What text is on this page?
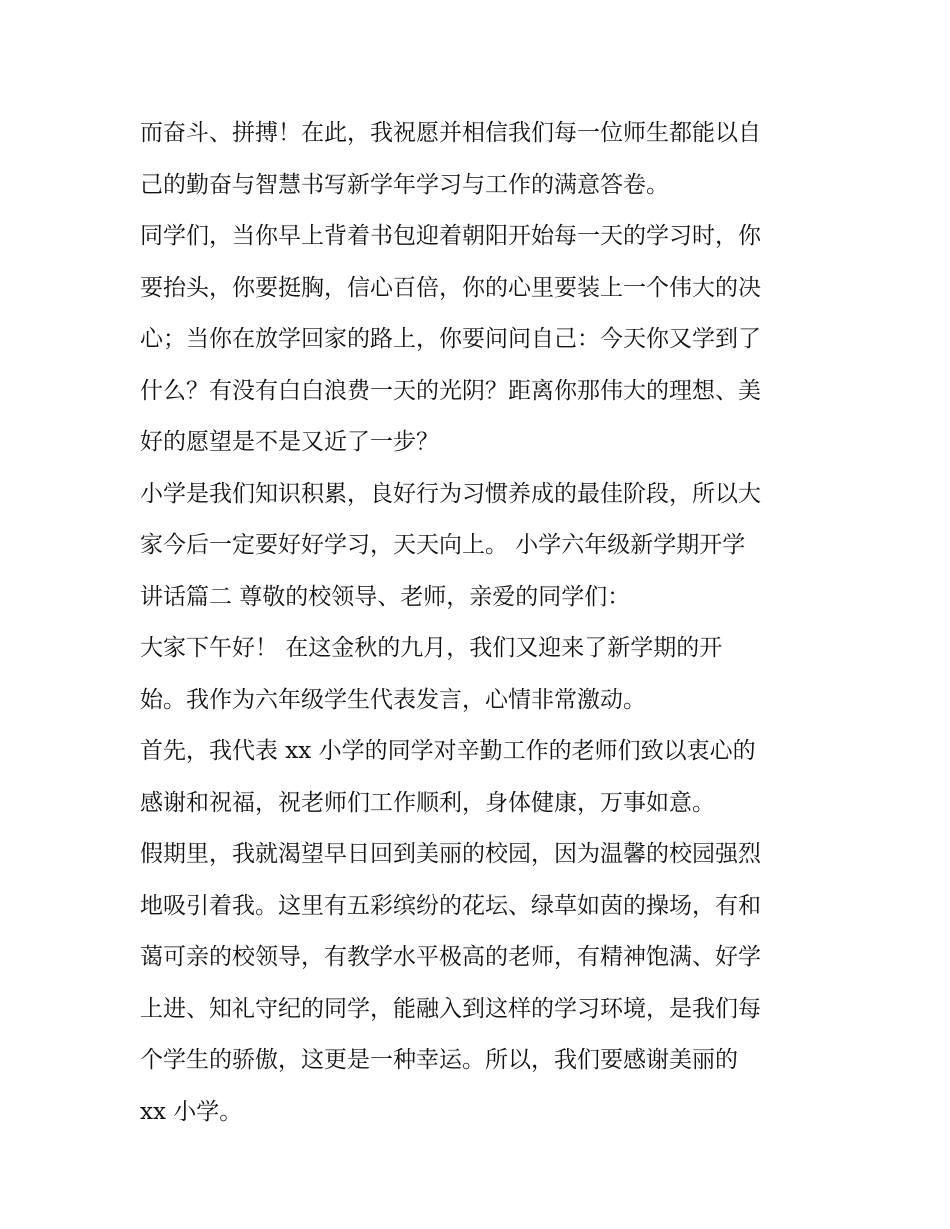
而奋斗、拼搏！在此，我祝愿并相信我们每一位师生都能以自
己的勤奋与智慧书写新学年学习与工作的满意答卷。
同学们，当你早上背着书包迎着朝阳开始每一天的学习时，你
要抬头，你要挺胸，信心百倍，你的心里要装上一个伟大的决
心；当你在放学回家的路上，你要问问自己：今天你又学到了
什么？有没有白白浪费一天的光阴？距离你那伟大的理想、美
好的愿望是不是又近了一步？
小学是我们知识积累，良好行为习惯养成的最佳阶段，所以大
家今后一定要好好学习，天天向上。 小学六年级新学期开学
讲话篇二 尊敬的校领导、老师，亲爱的同学们：
大家下午好！ 在这金秋的九月，我们又迎来了新学期的开
始。我作为六年级学生代表发言，心情非常激动。
首先，我代表 xx 小学的同学对辛勤工作的老师们致以衷心的
感谢和祝福，祝老师们工作顺利，身体健康，万事如意。
假期里，我就渴望早日回到美丽的校园，因为温馨的校园强烈
地吸引着我。这里有五彩缤纷的花坛、绿草如茵的操场，有和
蔼可亲的校领导，有教学水平极高的老师，有精神饱满、好学
上进、知礼守纪的同学，能融入到这样的学习环境，是我们每
个学生的骄傲，这更是一种幸运。所以，我们要感谢美丽的
xx 小学。
